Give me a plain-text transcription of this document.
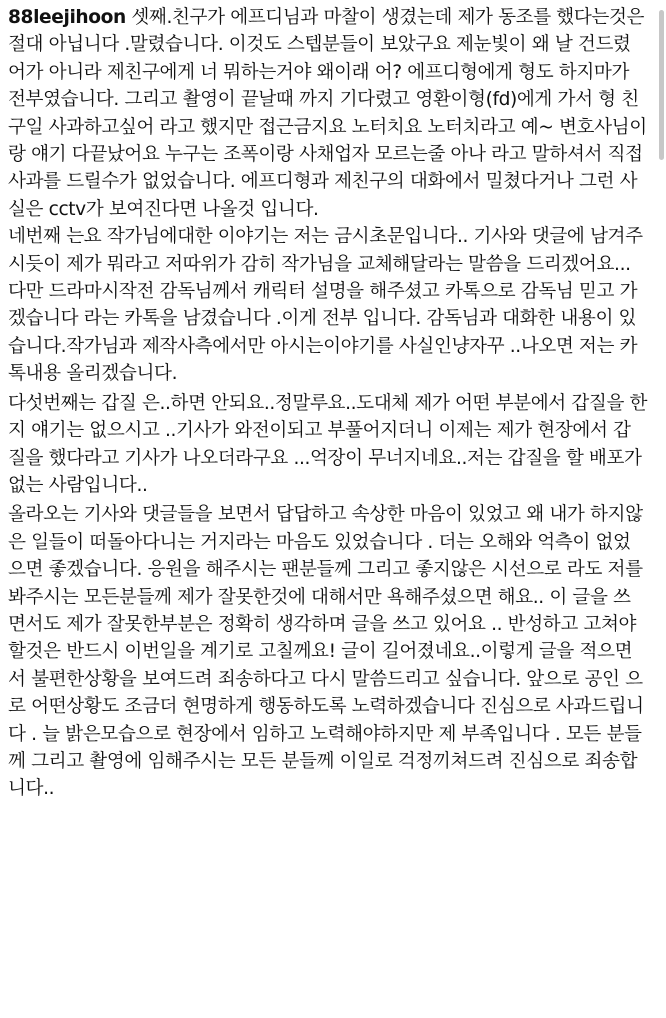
88leejihoon 셋째.친구가 에프디님과 마찰이 생겼는데 제가 동조를 했다는것은 절대 아닙니다 .말렸습니다. 이것도 스텝분들이 보았구요 제눈빛이 왜 날 건드렸어가 아니라 제친구에게 너 뭐하는거야 왜이래 어? 에프디형에게 형도 하지마가 전부였습니다. 그리고 촬영이 끝날때 까지 기다렸고 영환이형(fd)에게 가서 형 친구일 사과하고싶어 라고 했지만 접근금지요 노터치요 노터치라고 예~ 변호사님이랑 얘기 다끝났어요 누구는 조폭이랑 사채업자 모르는줄 아나 라고 말하셔서 직접 사과를 드릴수가 없었습니다. 에프디형과 제친구의 대화에서 밀쳤다거나 그런 사실은 cctv가 보여진다면 나올것 입니다.

네번째 는요 작가님에대한 이야기는 저는 금시초문입니다.. 기사와 댓글에 남겨주시듯이 제가 뭐라고 저따위가 감히 작가님을 교체해달라는 말씀을 드리겠어요... 다만 드라마시작전 감독님께서 캐릭터 설명을 해주셨고 카톡으로 감독님 믿고 가겠습니다 라는 카톡을 남겼습니다 .이게 전부 입니다. 감독님과 대화한 내용이 있습니다.작가님과 제작사측에서만 아시는이야기를 사실인냥자꾸 ..나오면 저는 카톡내용 올리겠습니다.

다섯번째는 갑질 은..하면 안되요..정말루요..도대체 제가 어떤 부분에서 갑질을 한지 얘기는 없으시고 ..기사가 와전이되고 부풀어지더니 이제는 제가 현장에서 갑질을 했다라고 기사가 나오더라구요 ...억장이 무너지네요..저는 갑질을 할 배포가 없는 사람입니다..

올라오는 기사와 댓글들을 보면서 답답하고 속상한 마음이 있었고 왜 내가 하지않은 일들이 떠돌아다니는 거지라는 마음도 있었습니다 . 더는 오해와 억측이 없었으면 좋겠습니다. 응원을 해주시는 팬분들께 그리고 좋지않은 시선으로 라도 저를 봐주시는 모든분들께 제가 잘못한것에 대해서만 욕해주셨으면 해요.. 이 글을 쓰면서도 제가 잘못한부분은 정확히 생각하며 글을 쓰고 있어요 .. 반성하고 고쳐야할것은 반드시 이번일을 계기로 고칠께요! 글이 길어졌네요..이렇게 글을 적으면서 불편한상황을 보여드려 죄송하다고 다시 말씀드리고 싶습니다. 앞으로 공인 으로 어떤상황도 조금더 현명하게 행동하도록 노력하겠습니다 진심으로 사과드립니다 . 늘 밝은모습으로 현장에서 임하고 노력해야하지만 제 부족입니다 . 모든 분들께 그리고 촬영에 임해주시는 모든 분들께 이일로 걱정끼쳐드려 진심으로 죄송합니다..
